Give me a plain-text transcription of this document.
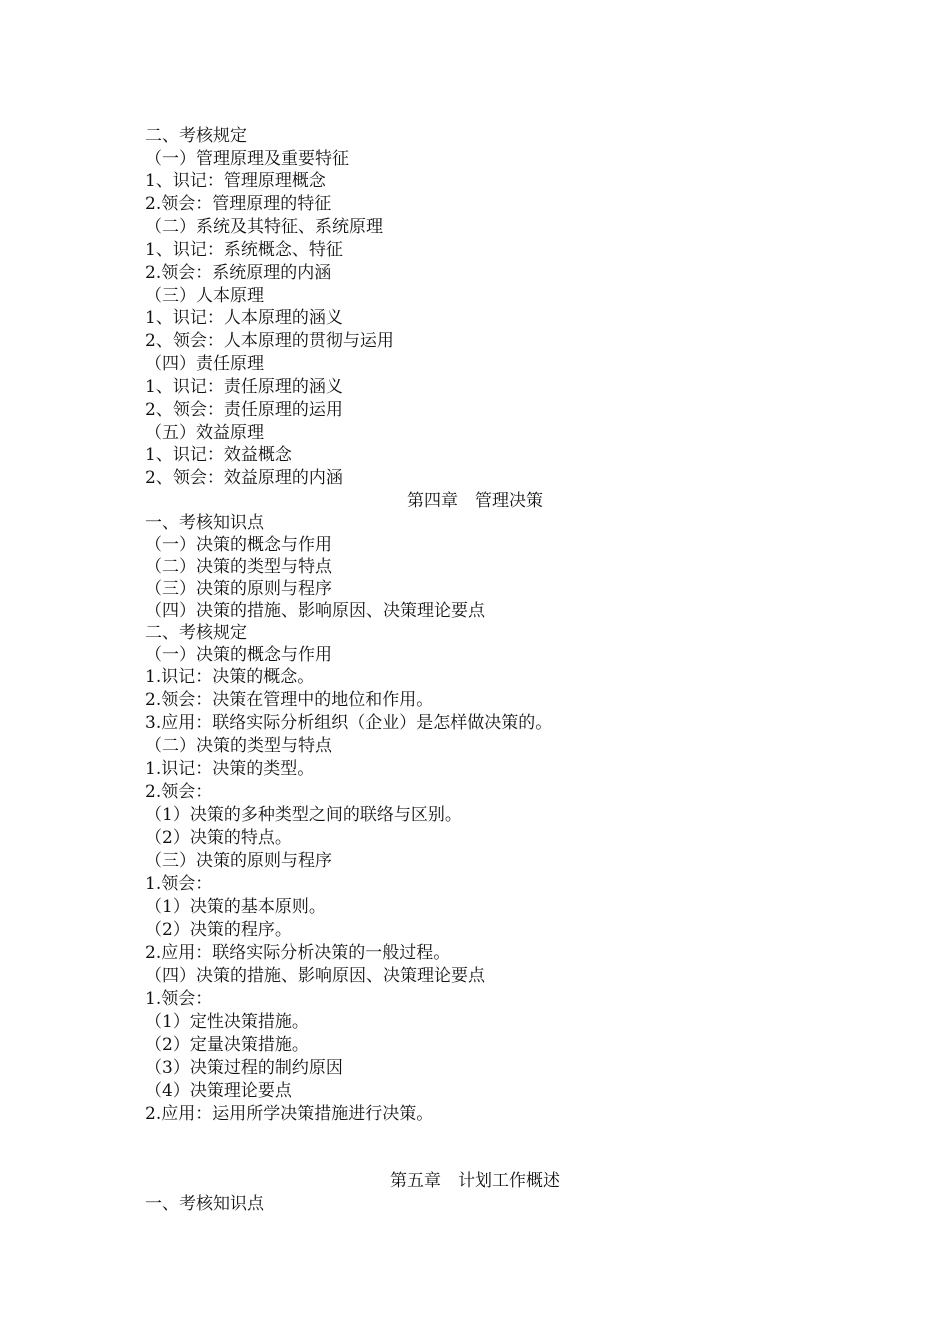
二、考核规定
（一）管理原理及重要特征
1、识记：管理原理概念
2.领会：管理原理的特征
（二）系统及其特征、系统原理
1、识记：系统概念、特征
2.领会：系统原理的内涵
（三）人本原理
1、识记：人本原理的涵义
2、领会：人本原理的贯彻与运用
（四）责任原理
1、识记：责任原理的涵义
2、领会：责任原理的运用
（五）效益原理
1、识记：效益概念
2、领会：效益原理的内涵
第四章　管理决策
一、考核知识点
（一）决策的概念与作用
（二）决策的类型与特点
（三）决策的原则与程序
（四）决策的措施、影响原因、决策理论要点
二、考核规定
（一）决策的概念与作用
1.识记：决策的概念。
2.领会：决策在管理中的地位和作用。
3.应用：联络实际分析组织（企业）是怎样做决策的。
（二）决策的类型与特点
1.识记：决策的类型。
2.领会：
（1）决策的多种类型之间的联络与区别。
（2）决策的特点。
（三）决策的原则与程序
1.领会：
（1）决策的基本原则。
（2）决策的程序。
2.应用：联络实际分析决策的一般过程。
（四）决策的措施、影响原因、决策理论要点
1.领会：
（1）定性决策措施。
（2）定量决策措施。
（3）决策过程的制约原因
（4）决策理论要点
2.应用：运用所学决策措施进行决策。
第五章　计划工作概述
一、考核知识点
